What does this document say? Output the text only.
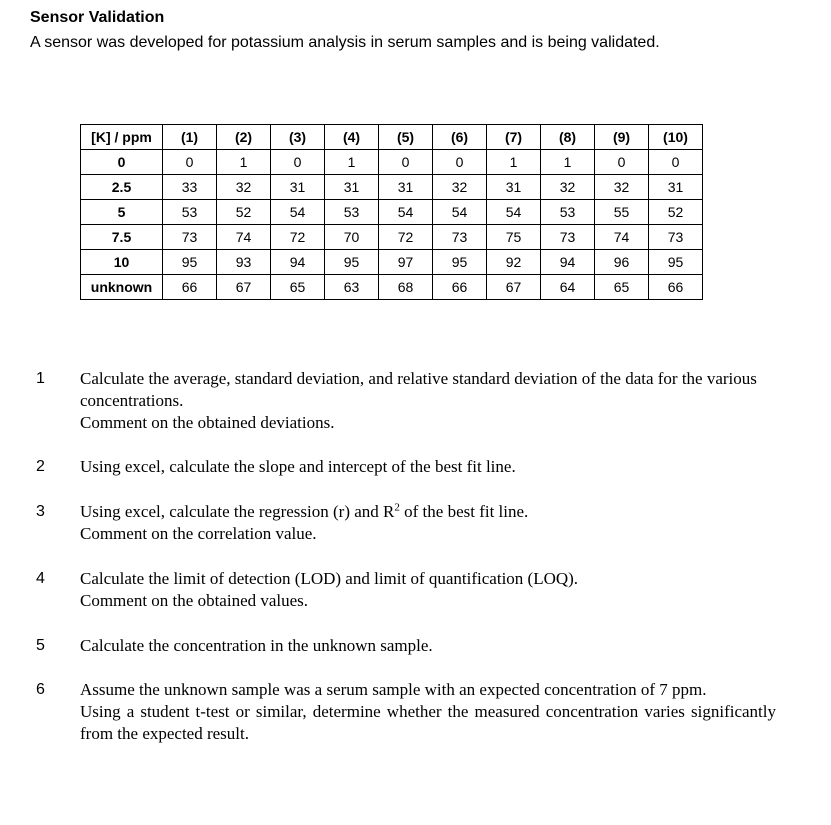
Sensor Validation
A sensor was developed for potassium analysis in serum samples and is being validated.
[K] / ppm	(1)	(2)	(3)	(4)	(5)	(6)	(7)	(8)	(9)	(10)
0	0	1	0	1	0	0	1	1	0	0
2.5	33	32	31	31	31	32	31	32	32	31
5	53	52	54	53	54	54	54	53	55	52
7.5	73	74	72	70	72	73	75	73	74	73
10	95	93	94	95	97	95	92	94	96	95
unknown	66	67	65	63	68	66	67	64	65	66
1 Calculate the average, standard deviation, and relative standard deviation of the data for the various concentrations.
Comment on the obtained deviations.
2 Using excel, calculate the slope and intercept of the best fit line.
3 Using excel, calculate the regression (r) and $R^2$ of the best fit line.
Comment on the correlation value.
4 Calculate the limit of detection (LOD) and limit of quantification (LOQ).
Comment on the obtained values.
5 Calculate the concentration in the unknown sample.
6 Assume the unknown sample was a serum sample with an expected concentration of 7 ppm.
Using a student t-test or similar, determine whether the measured concentration varies significantly from the expected result.
